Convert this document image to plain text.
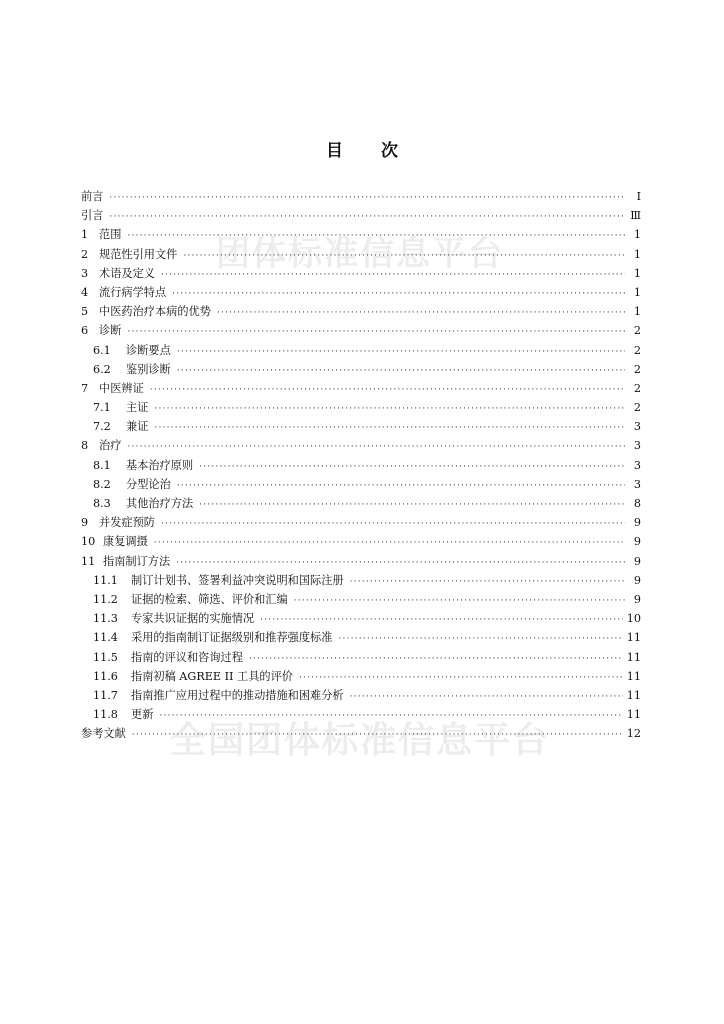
团体标准信息平台
全国团体标准信息平台
目 次
前言 ·····	Ⅰ
引言 ·····	Ⅲ
1 范围 ·····	1
2 规范性引用文件 ·····	1
3 术语及定义 ·····	1
4 流行病学特点 ·····	1
5 中医药治疗本病的优势 ·····	1
6 诊断 ·····	2
6.1	诊断要点 ·····	2
6.2	鉴别诊断 ·····	2
7 中医辨证 ·····	2
7.1	主证 ·····	2
7.2	兼证 ·····	3
8 治疗 ·····	3
8.1	基本治疗原则 ·····	3
8.2	分型论治 ·····	3
8.3	其他治疗方法 ·····	8
9 并发症预防 ·····	9
10 康复调摄 ·····	9
11 指南制订方法 ·····	9
11.1	制订计划书、签署利益冲突说明和国际注册 ·····	9
11.2	证据的检索、筛选、评价和汇编 ·····	9
11.3	专家共识证据的实施情况 ·····	10
11.4	采用的指南制订证据级别和推荐强度标准 ·····	11
11.5	指南的评议和咨询过程 ·····	11
11.6	指南初稿 AGREE II 工具的评价 ·····	11
11.7	指南推广应用过程中的推动措施和困难分析 ·····	11
11.8	更新 ·····	11
参考文献 ·····	12
